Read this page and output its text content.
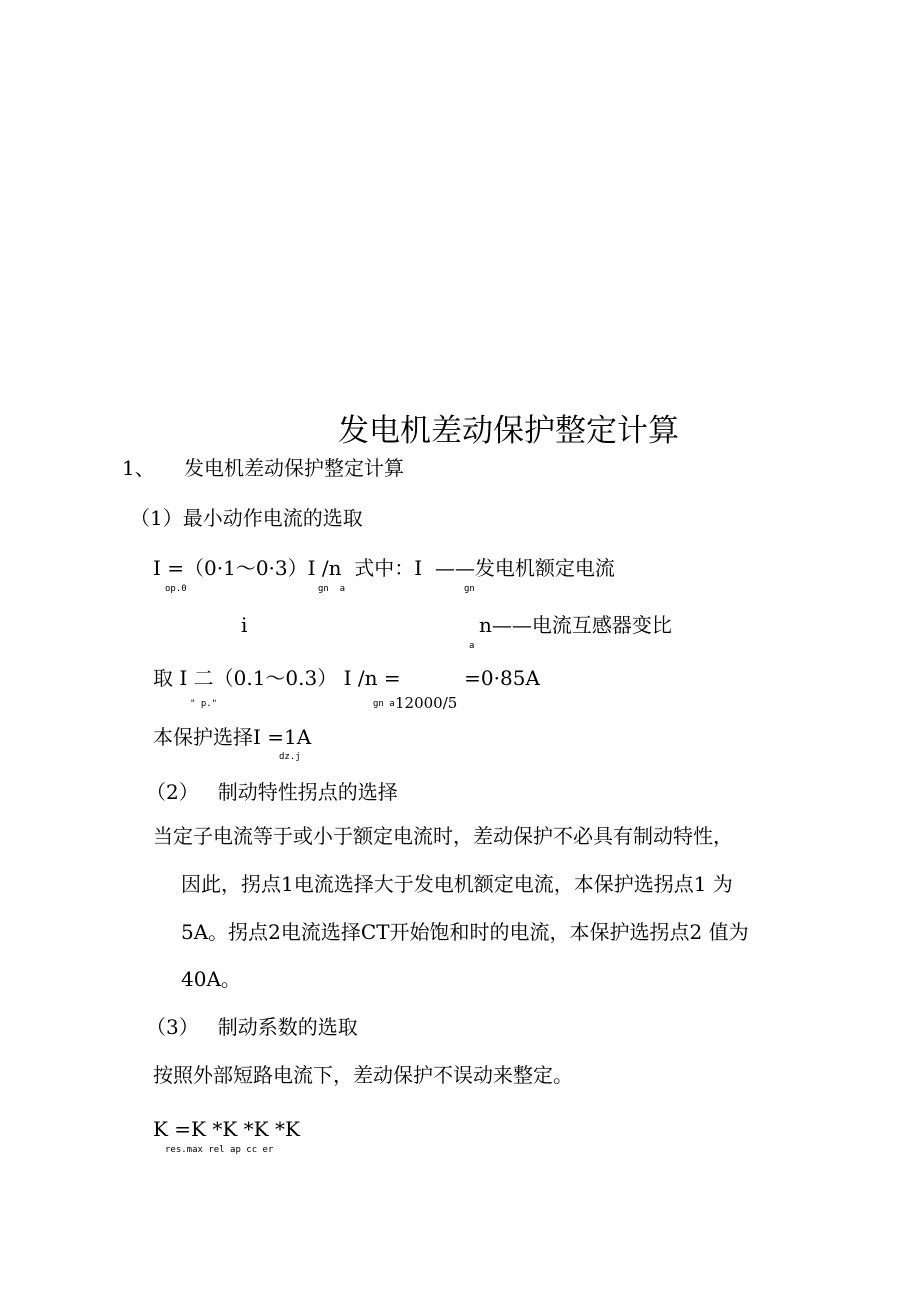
发电机差动保护整定计算
1、 发电机差动保护整定计算
（1）最小动作电流的选取
I =（0·1～0·3）I /n  式中：I  ——发电机额定电流
op.0	gn  a	gn
i	n——电流互感器变比
a
取 I 二（0.1～0.3） I /n =          =0·85A
" p."	gn a 12000/5
本保护选择I =1A
dz.j
（2）   制动特性拐点的选择
当定子电流等于或小于额定电流时，差动保护不必具有制动特性，
因此，拐点1电流选择大于发电机额定电流，本保护选拐点1 为
5A。拐点2电流选择CT开始饱和时的电流，本保护选拐点2 值为
40A。
（3）   制动系数的选取
按照外部短路电流下，差动保护不误动来整定。
K =K *K *K *K
res.max rel ap cc er
